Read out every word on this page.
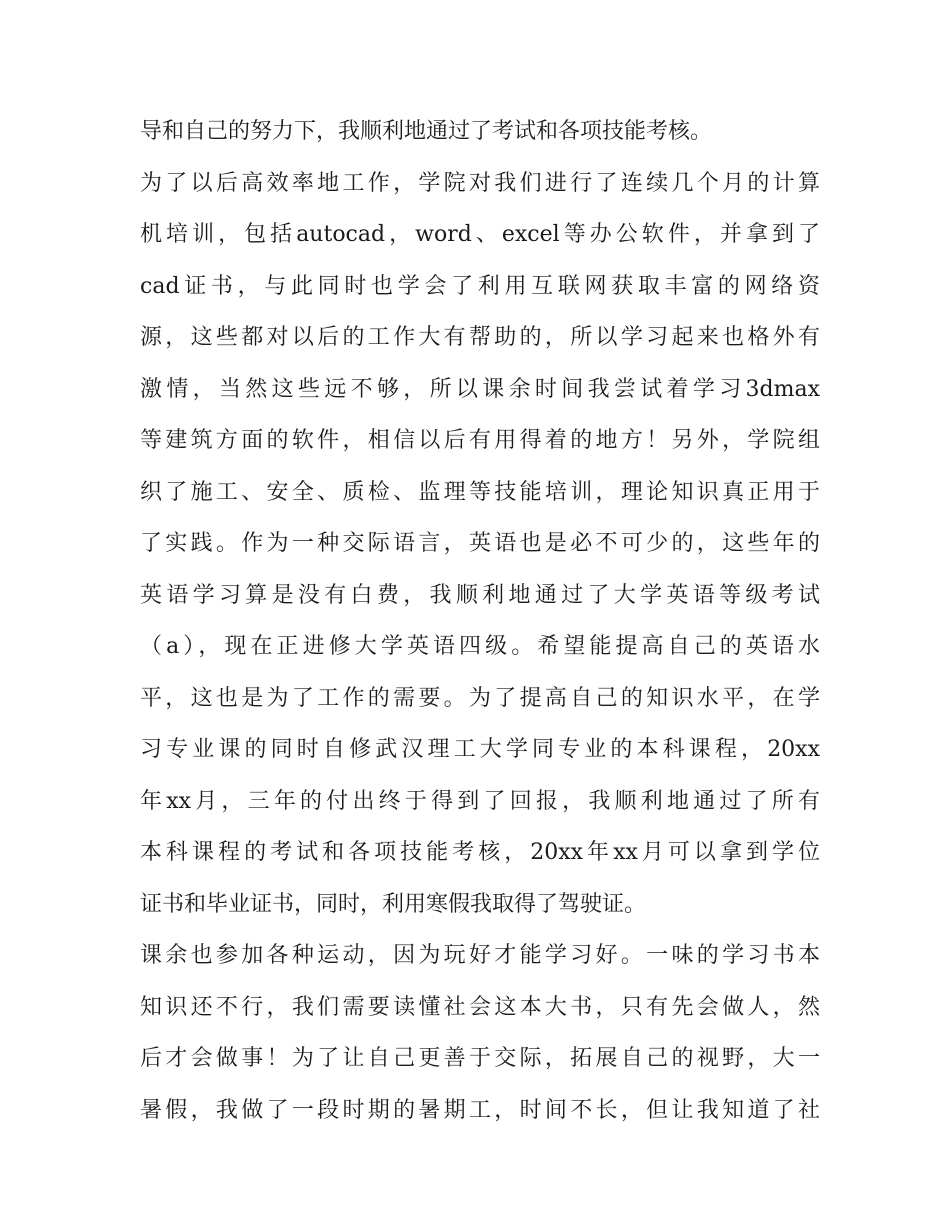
导和自己的努力下，我顺利地通过了考试和各项技能考核。
为了以后高效率地工作，学院对我们进行了连续几个月的计算
机培训，包括autocad，word、excel等办公软件，并拿到了
cad证书，与此同时也学会了利用互联网获取丰富的网络资
源，这些都对以后的工作大有帮助的，所以学习起来也格外有
激情，当然这些远不够，所以课余时间我尝试着学习3dmax
等建筑方面的软件，相信以后有用得着的地方！另外，学院组
织了施工、安全、质检、监理等技能培训，理论知识真正用于
了实践。作为一种交际语言，英语也是必不可少的，这些年的
英语学习算是没有白费，我顺利地通过了大学英语等级考试
（a），现在正进修大学英语四级。希望能提高自己的英语水
平，这也是为了工作的需要。为了提高自己的知识水平，在学
习专业课的同时自修武汉理工大学同专业的本科课程，20xx
年xx月，三年的付出终于得到了回报，我顺利地通过了所有
本科课程的考试和各项技能考核，20xx年xx月可以拿到学位
证书和毕业证书，同时，利用寒假我取得了驾驶证。
课余也参加各种运动，因为玩好才能学习好。一味的学习书本
知识还不行，我们需要读懂社会这本大书，只有先会做人，然
后才会做事！为了让自己更善于交际，拓展自己的视野，大一
暑假，我做了一段时期的暑期工，时间不长，但让我知道了社
